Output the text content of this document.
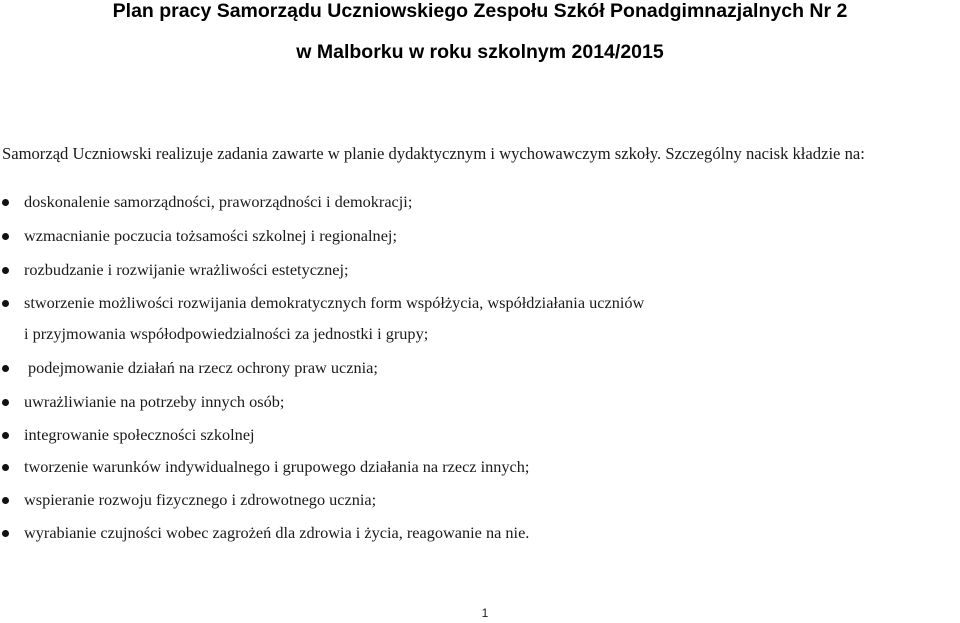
Plan pracy Samorządu Uczniowskiego Zespołu Szkół Ponadgimnazjalnych Nr 2
w Malborku w roku szkolnym 2014/2015
Samorząd Uczniowski realizuje zadania zawarte w planie dydaktycznym i wychowawczym szkoły. Szczególny nacisk kładzie na:
doskonalenie samorządności, praworządności i demokracji;
wzmacnianie poczucia tożsamości szkolnej i regionalnej;
rozbudzanie i rozwijanie wrażliwości estetycznej;
stworzenie możliwości rozwijania demokratycznych form współżycia, współdziałania uczniów
i przyjmowania współodpowiedzialności za jednostki i grupy;
podejmowanie działań na rzecz ochrony praw ucznia;
uwrażliwianie na potrzeby innych osób;
integrowanie społeczności szkolnej
tworzenie warunków indywidualnego i grupowego działania na rzecz innych;
wspieranie rozwoju fizycznego i zdrowotnego ucznia;
wyrabianie czujności wobec zagrożeń dla zdrowia i życia, reagowanie na nie.
1
